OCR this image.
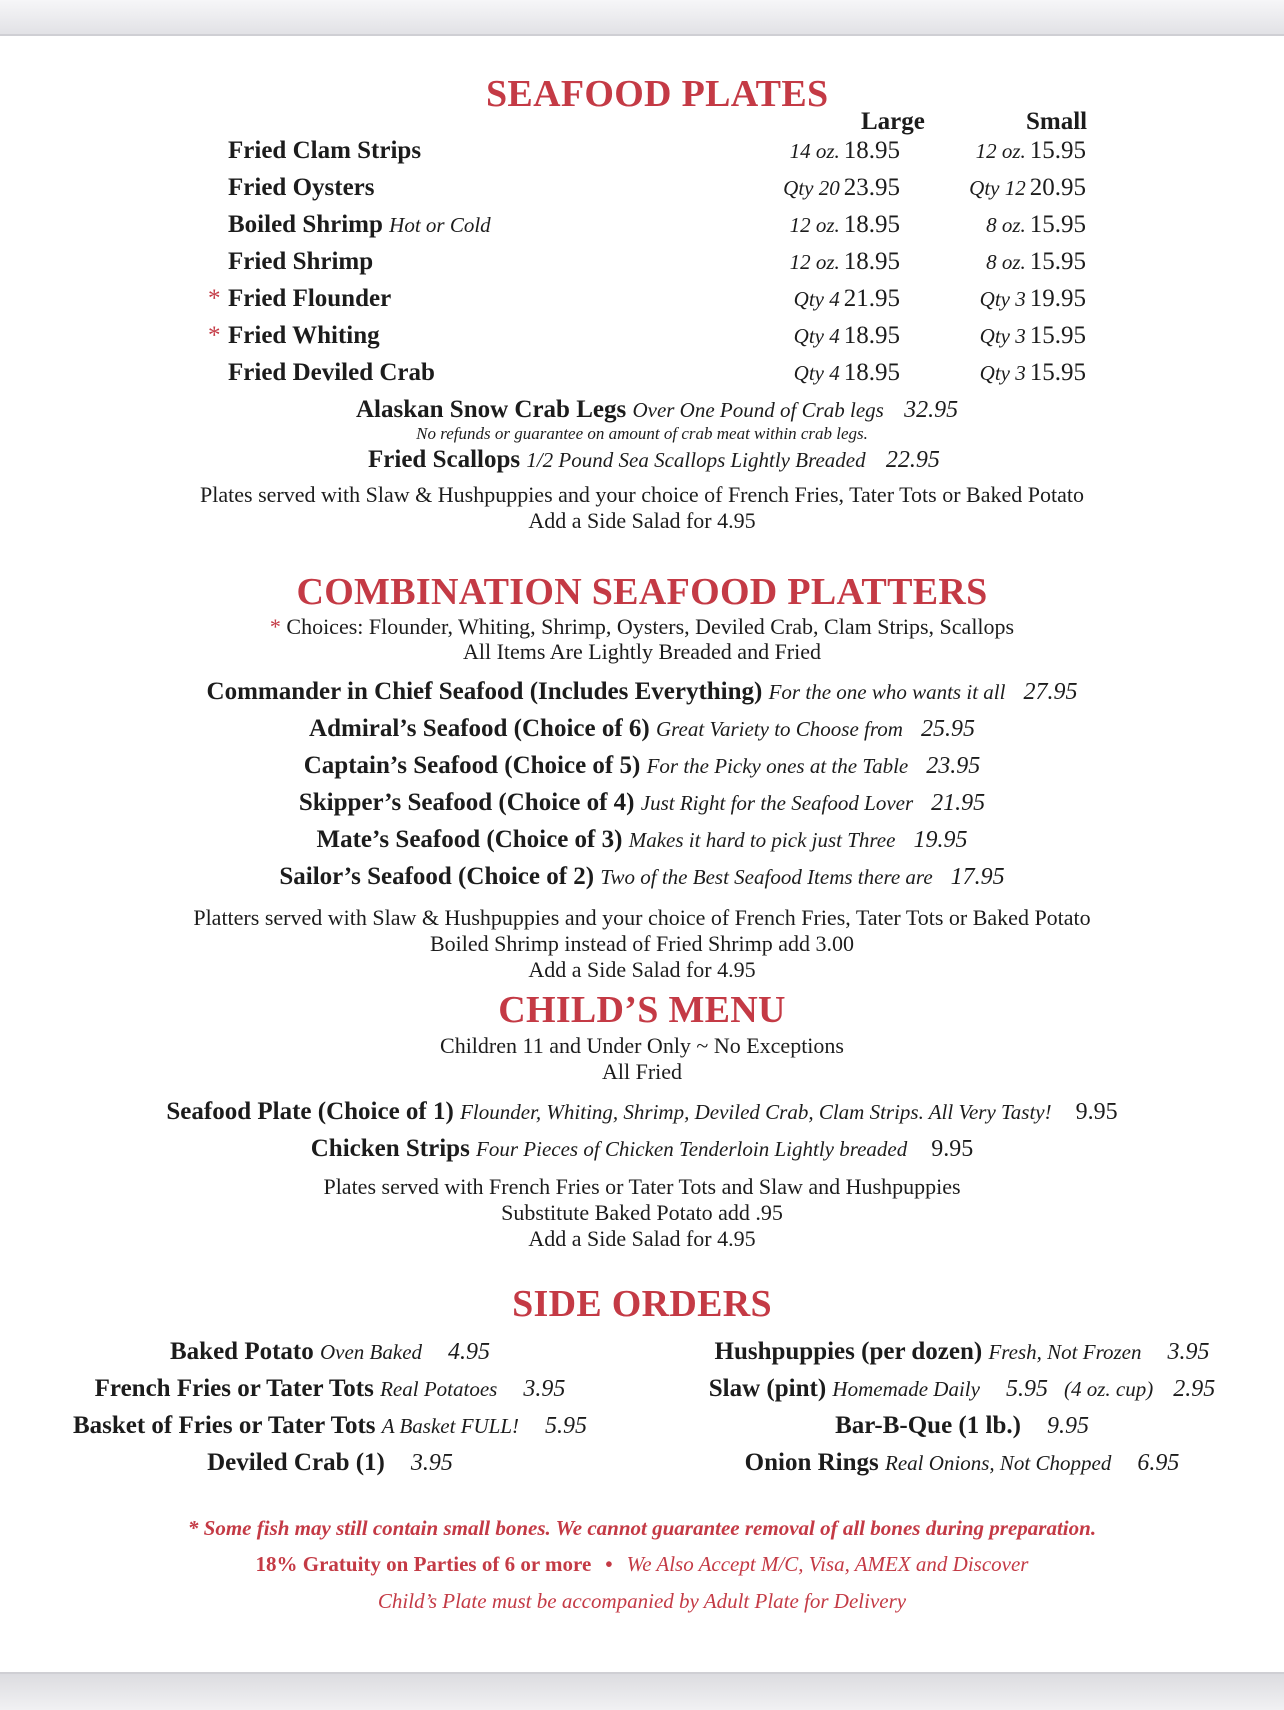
SEAFOOD PLATES
Large	Small
Fried Clam Strips	14 oz. 18.95	12 oz. 15.95
Fried Oysters	Qty 20 23.95	Qty 12 20.95
Boiled Shrimp Hot or Cold	12 oz. 18.95	8 oz. 15.95
Fried Shrimp	12 oz. 18.95	8 oz. 15.95
* Fried Flounder	Qty 4 21.95	Qty 3 19.95
* Fried Whiting	Qty 4 18.95	Qty 3 15.95
Fried Deviled Crab	Qty 4 18.95	Qty 3 15.95
Alaskan Snow Crab Legs Over One Pound of Crab legs 32.95
No refunds or guarantee on amount of crab meat within crab legs.
Fried Scallops 1/2 Pound Sea Scallops Lightly Breaded 22.95
Plates served with Slaw & Hushpuppies and your choice of French Fries, Tater Tots or Baked Potato
Add a Side Salad for 4.95
COMBINATION SEAFOOD PLATTERS
* Choices: Flounder, Whiting, Shrimp, Oysters, Deviled Crab, Clam Strips, Scallops
All Items Are Lightly Breaded and Fried
Commander in Chief Seafood (Includes Everything) For the one who wants it all 27.95
Admiral’s Seafood (Choice of 6) Great Variety to Choose from 25.95
Captain’s Seafood (Choice of 5) For the Picky ones at the Table 23.95
Skipper’s Seafood (Choice of 4) Just Right for the Seafood Lover 21.95
Mate’s Seafood (Choice of 3) Makes it hard to pick just Three 19.95
Sailor’s Seafood (Choice of 2) Two of the Best Seafood Items there are 17.95
Platters served with Slaw & Hushpuppies and your choice of French Fries, Tater Tots or Baked Potato
Boiled Shrimp instead of Fried Shrimp add 3.00
Add a Side Salad for 4.95
CHILD’S MENU
Children 11 and Under Only ~ No Exceptions
All Fried
Seafood Plate (Choice of 1) Flounder, Whiting, Shrimp, Deviled Crab, Clam Strips. All Very Tasty! 9.95
Chicken Strips Four Pieces of Chicken Tenderloin Lightly breaded 9.95
Plates served with French Fries or Tater Tots and Slaw and Hushpuppies
Substitute Baked Potato add .95
Add a Side Salad for 4.95
SIDE ORDERS
Baked Potato Oven Baked 4.95
French Fries or Tater Tots Real Potatoes 3.95
Basket of Fries or Tater Tots A Basket FULL! 5.95
Deviled Crab (1) 3.95
Hushpuppies (per dozen) Fresh, Not Frozen 3.95
Slaw (pint) Homemade Daily 5.95 (4 oz. cup) 2.95
Bar-B-Que (1 lb.) 9.95
Onion Rings Real Onions, Not Chopped 6.95
* Some fish may still contain small bones. We cannot guarantee removal of all bones during preparation.
18% Gratuity on Parties of 6 or more • We Also Accept M/C, Visa, AMEX and Discover
Child’s Plate must be accompanied by Adult Plate for Delivery
